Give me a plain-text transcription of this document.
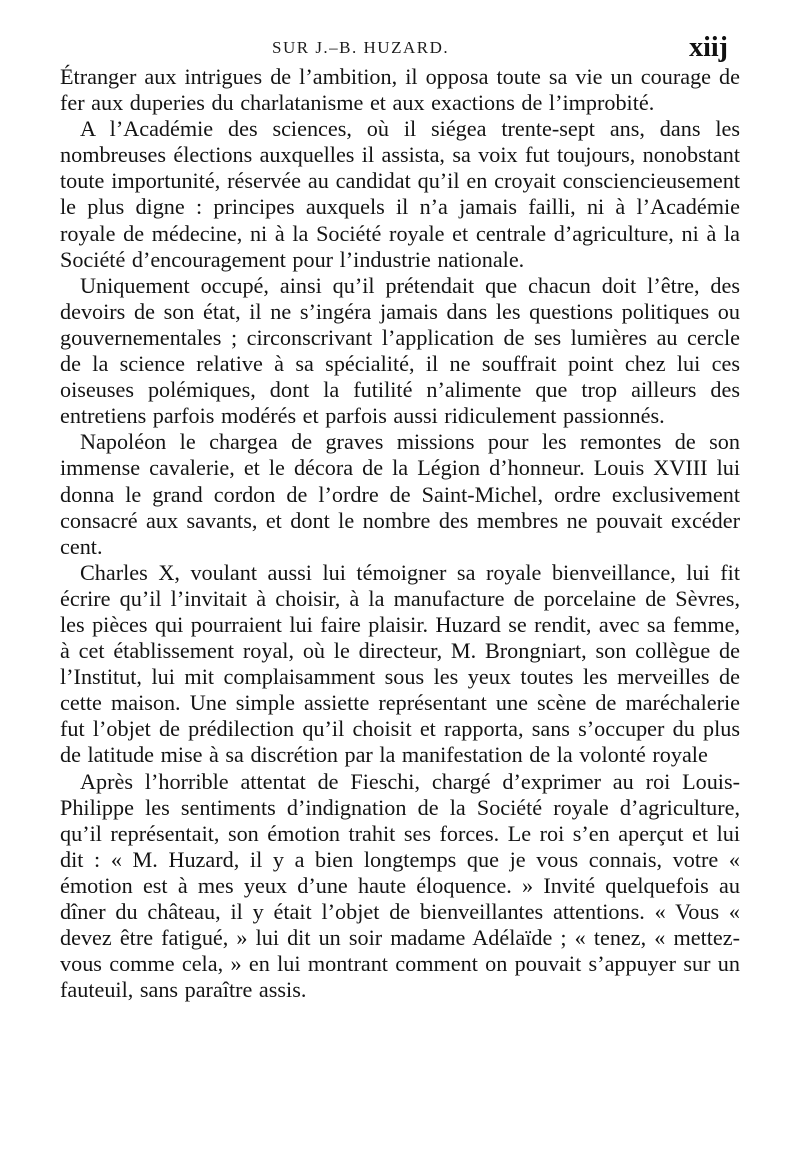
SUR J.–B. HUZARD.	xiij

Étranger aux intrigues de l’ambition, il opposa toute sa vie un courage de fer aux duperies du charlatanisme et aux exactions de l’improbité.

A l’Académie des sciences, où il siégea trente-sept ans, dans les nombreuses élections auxquelles il assista, sa voix fut toujours, nonobstant toute importunité, réservée au candidat qu’il en croyait consciencieusement le plus digne : principes auxquels il n’a jamais failli, ni à l’Académie royale de médecine, ni à la Société royale et centrale d’agriculture, ni à la Société d’encouragement pour l’industrie nationale.

Uniquement occupé, ainsi qu’il prétendait que chacun doit l’être, des devoirs de son état, il ne s’ingéra jamais dans les questions politiques ou gouvernementales ; circonscrivant l’application de ses lumières au cercle de la science relative à sa spécialité, il ne souffrait point chez lui ces oiseuses polémiques, dont la futilité n’alimente que trop ailleurs des entretiens parfois modérés et parfois aussi ridiculement passionnés.

Napoléon le chargea de graves missions pour les remontes de son immense cavalerie, et le décora de la Légion d’honneur. Louis XVIII lui donna le grand cordon de l’ordre de Saint-Michel, ordre exclusivement consacré aux savants, et dont le nombre des membres ne pouvait excéder cent.

Charles X, voulant aussi lui témoigner sa royale bienveillance, lui fit écrire qu’il l’invitait à choisir, à la manufacture de porcelaine de Sèvres, les pièces qui pourraient lui faire plaisir. Huzard se rendit, avec sa femme, à cet établissement royal, où le directeur, M. Brongniart, son collègue de l’Institut, lui mit complaisamment sous les yeux toutes les merveilles de cette maison. Une simple assiette représentant une scène de maréchalerie fut l’objet de prédilection qu’il choisit et rapporta, sans s’occuper du plus de latitude mise à sa discrétion par la manifestation de la volonté royale

Après l’horrible attentat de Fieschi, chargé d’exprimer au roi Louis-Philippe les sentiments d’indignation de la Société royale d’agriculture, qu’il représentait, son émotion trahit ses forces. Le roi s’en aperçut et lui dit : « M. Huzard, il y a bien longtemps que je vous connais, votre « émotion est à mes yeux d’une haute éloquence. » Invité quelquefois au dîner du château, il y était l’objet de bienveillantes attentions. « Vous « devez être fatigué, » lui dit un soir madame Adélaïde ; « tenez, « mettez-vous comme cela, » en lui montrant comment on pouvait s’appuyer sur un fauteuil, sans paraître assis.
